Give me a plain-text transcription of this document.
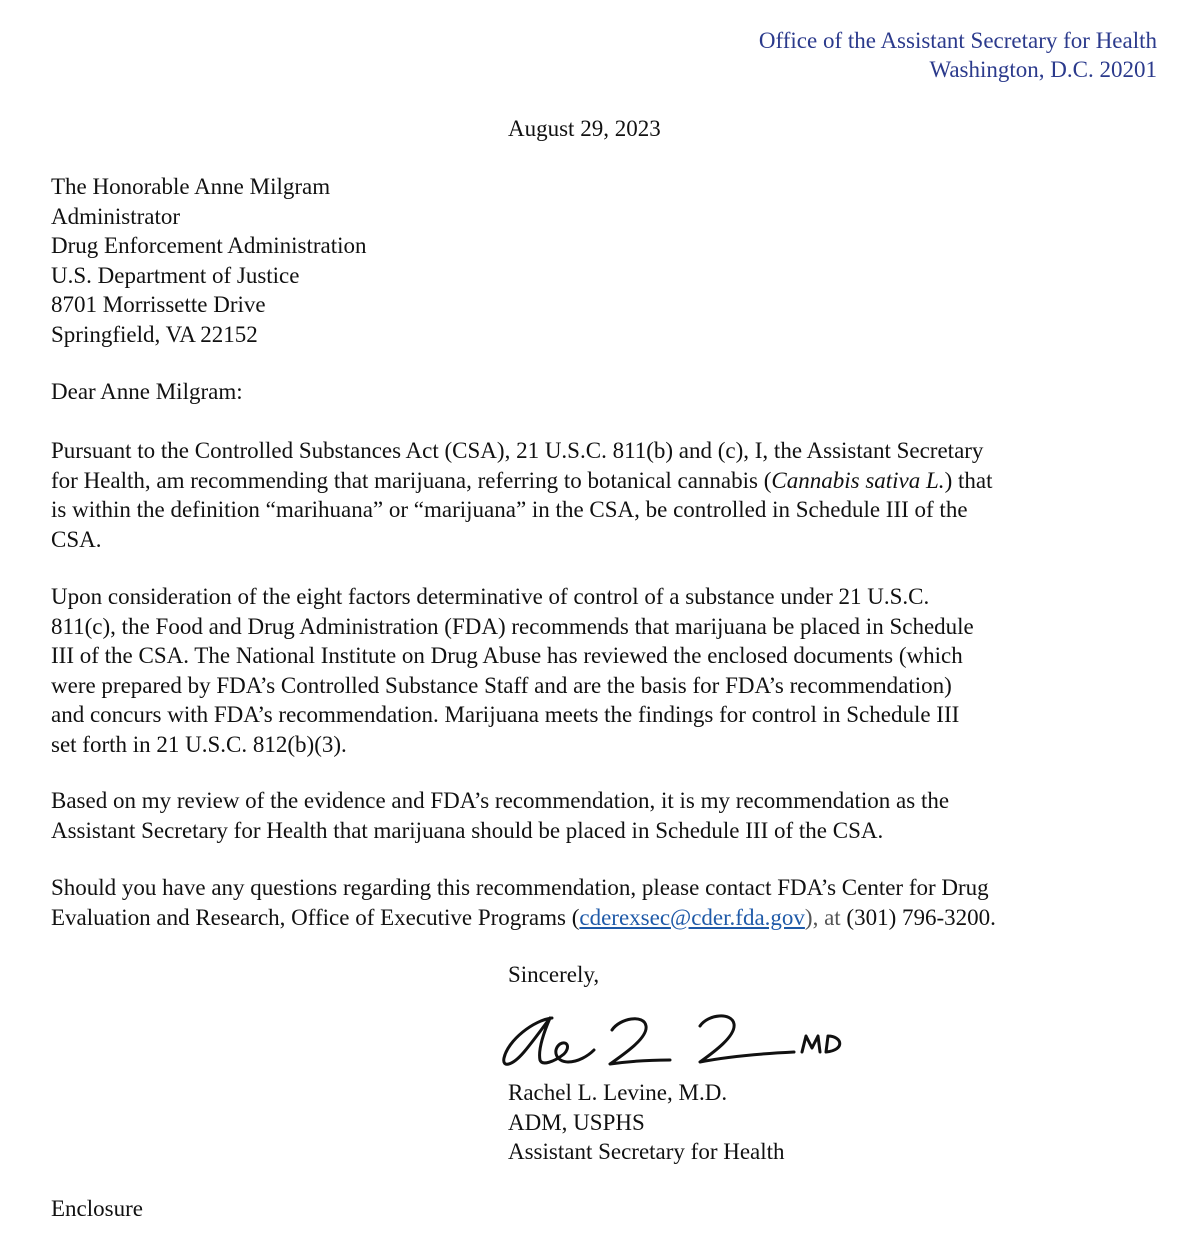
Office of the Assistant Secretary for Health
Washington, D.C. 20201
August 29, 2023
The Honorable Anne Milgram
Administrator
Drug Enforcement Administration
U.S. Department of Justice
8701 Morrissette Drive
Springfield, VA 22152
Dear Anne Milgram:
Pursuant to the Controlled Substances Act (CSA), 21 U.S.C. 811(b) and (c), I, the Assistant Secretary
for Health, am recommending that marijuana, referring to botanical cannabis (Cannabis sativa L.) that
is within the definition “marihuana” or “marijuana” in the CSA, be controlled in Schedule III of the
CSA.
Upon consideration of the eight factors determinative of control of a substance under 21 U.S.C.
811(c), the Food and Drug Administration (FDA) recommends that marijuana be placed in Schedule
III of the CSA. The National Institute on Drug Abuse has reviewed the enclosed documents (which
were prepared by FDA’s Controlled Substance Staff and are the basis for FDA’s recommendation)
and concurs with FDA’s recommendation. Marijuana meets the findings for control in Schedule III
set forth in 21 U.S.C. 812(b)(3).
Based on my review of the evidence and FDA’s recommendation, it is my recommendation as the
Assistant Secretary for Health that marijuana should be placed in Schedule III of the CSA.
Should you have any questions regarding this recommendation, please contact FDA’s Center for Drug
Evaluation and Research, Office of Executive Programs (cderexsec@cder.fda.gov), at (301) 796-3200.
Sincerely,
RLL MD
Rachel L. Levine, M.D.
ADM, USPHS
Assistant Secretary for Health
Enclosure
